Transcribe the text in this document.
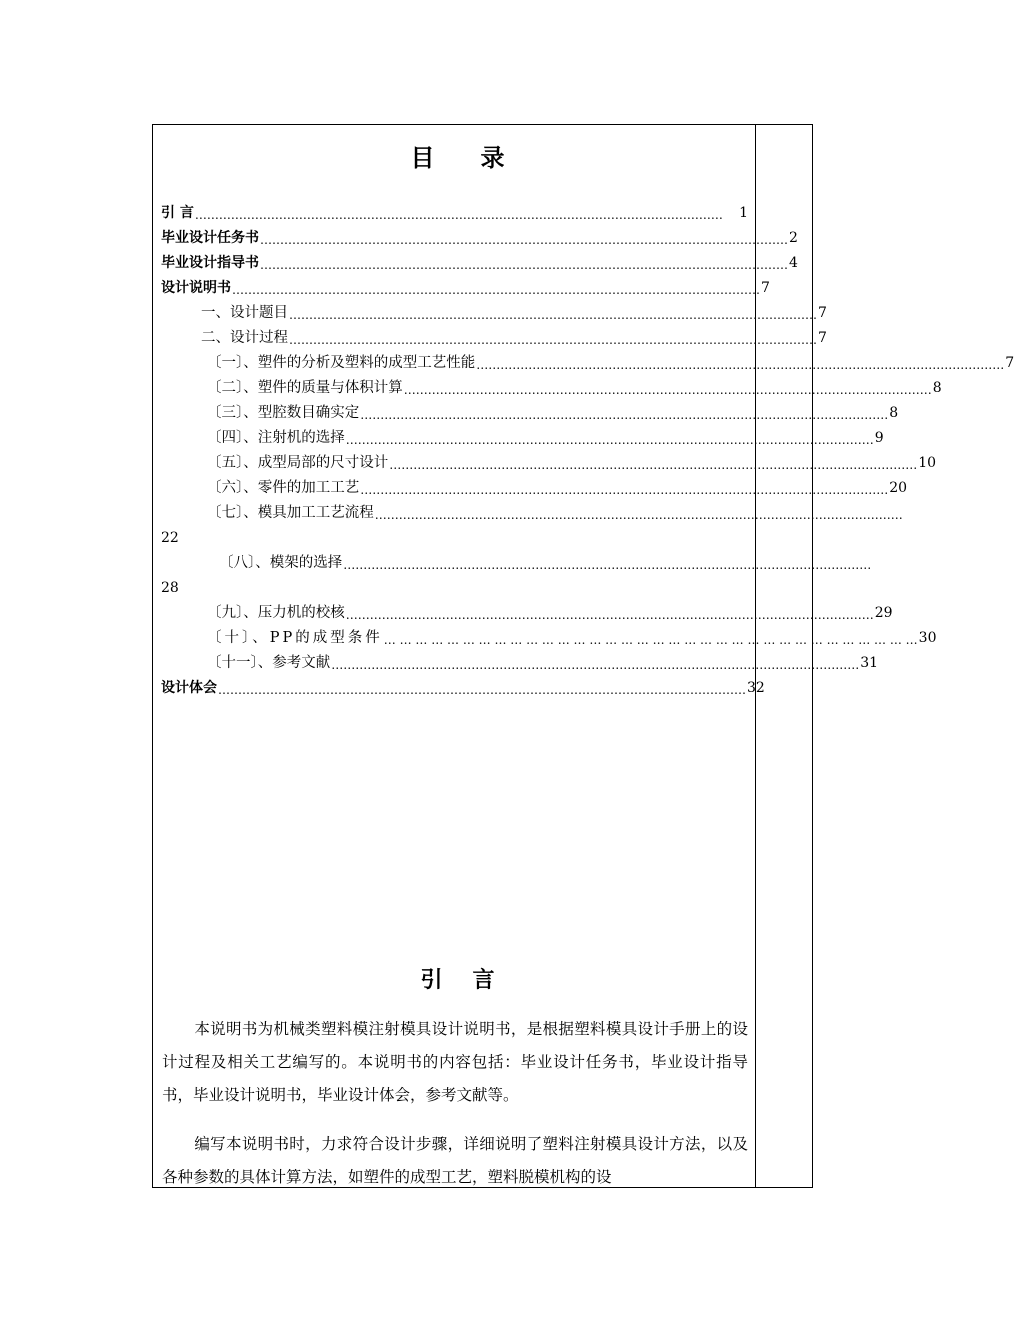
目 录
引 言 ……………………………………………………………………………………………………………………	1
毕业设计任务书 …………………………………………………………………………………………………………………… 2
毕业设计指导书 …………………………………………………………………………………………………………………… 4
设计说明书 …………………………………………………………………………………………………………………… 7
一、设计题目 …………………………………………………………………………………………………………………… 7
二、设计过程 …………………………………………………………………………………………………………………… 7
〔一〕、塑件的分析及塑料的成型工艺性能 …………………………………………………………………………………………………………………… 7
〔二〕、塑件的质量与体积计算 …………………………………………………………………………………………………………………… 8
〔三〕、型腔数目确实定 …………………………………………………………………………………………………………………… 8
〔四〕、注射机的选择 …………………………………………………………………………………………………………………… 9
〔五〕、成型局部的尺寸设计 …………………………………………………………………………………………………………………… 10
〔六〕、零件的加工工艺 …………………………………………………………………………………………………………………… 20
〔七〕、模具加工工艺流程 ……………………………………………………………………………………………………………………
22
〔八〕、模架的选择 ……………………………………………………………………………………………………………………
28
〔九〕、压力机的校核 …………………………………………………………………………………………………………………… 29
〔十〕、PP的成型条件 … … … … … … … … … … … … … … … … … … … … … … … … … … … … … … … … … … 30
〔十一〕、参考文献 …………………………………………………………………………………………………………………… 31
设计体会 …………………………………………………………………………………………………………………… 32
引 言
本说明书为机械类塑料模注射模具设计说明书，是根据塑料模具设计手册上的设计过程及相关工艺编写的。本说明书的内容包括：毕业设计任务书，毕业设计指导书，毕业设计说明书，毕业设计体会，参考文献等。
编写本说明书时，力求符合设计步骤，详细说明了塑料注射模具设计方法，以及各种参数的具体计算方法，如塑件的成型工艺，塑料脱模机构的设
